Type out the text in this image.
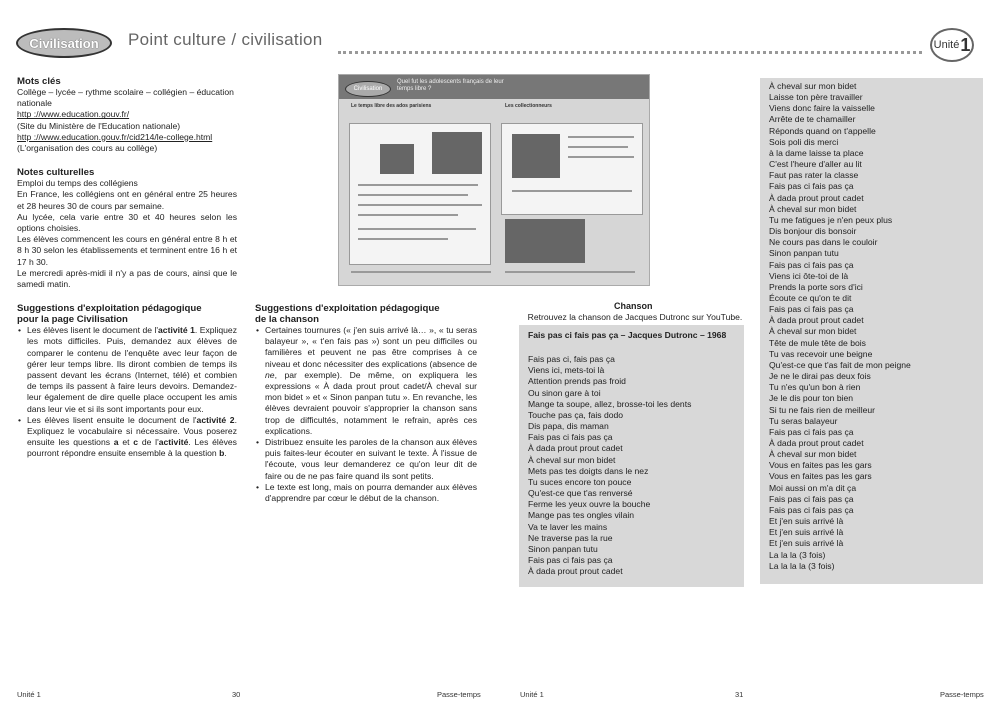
Civilisation Point culture / civilisation	Unité 1

Mots clés

Collège – lycée – rythme scolaire – collégien – éducation nationale

http ://www.education.gouv.fr/

(Site du Ministère de l'Education nationale)

http ://www.education.gouv.fr/cid214/le-college.html

(L'organisation des cours au collège)

Notes culturelles

Emploi du temps des collégiens

En France, les collégiens ont en général entre 25 heures et 28 heures 30 de cours par semaine.

Au lycée, cela varie entre 30 et 40 heures selon les options choisies.

Les élèves commencent les cours en général entre 8 h et 8 h 30 selon les établissements et terminent entre 16 h et 17 h 30.

Le mercredi après-midi il n'y a pas de cours, ainsi que le samedi matin.

Suggestions d'exploitation pédagogique
pour la page Civilisation

• Les élèves lisent le document de l'activité 1. Expliquez les mots difficiles. Puis, demandez aux élèves de comparer le contenu de l'enquête avec leur façon de gérer leur temps libre. Ils diront combien de temps ils passent devant les écrans (Internet, télé) et combien de temps ils passent à faire leurs devoirs. Demandez-leur également de dire quelle place occupent les amis dans leur vie et si ils sont importants pour eux.
• Les élèves lisent ensuite le document de l'activité 2. Expliquez le vocabulaire si nécessaire. Vous poserez ensuite les questions a et c de l'activité. Les élèves pourront répondre ensuite ensemble à la question b.
Civilisation
Quel fut les adolescents français de leur temps libre ?
Le temps libre des ados parisiens	Les collectionneurs

Suggestions d'exploitation pédagogique
de la chanson

• Certaines tournures (« j'en suis arrivé là… », « tu seras balayeur », « t'en fais pas ») sont un peu difficiles ou familières et peuvent ne pas être comprises à ce niveau et donc nécessiter des explications (absence de ne, par exemple). De même, on expliquera les expressions « À dada prout prout cadet/À cheval sur mon bidet » et « Sinon panpan tutu ». En revanche, les élèves devraient pouvoir s'approprier la chanson sans trop de difficultés, notamment le refrain, après ces explications.
• Distribuez ensuite les paroles de la chanson aux élèves puis faites-leur écouter en suivant le texte. À l'issue de l'écoute, vous leur demanderez ce qu'on leur dit de faire ou de ne pas faire quand ils sont petits.
• Le texte est long, mais on pourra demander aux élèves d'apprendre par cœur le début de la chanson.
Chanson
Retrouvez la chanson de Jacques Dutronc sur YouTube.
Fais pas ci fais pas ça – Jacques Dutronc – 1968
Fais pas ci, fais pas ça
Viens ici, mets-toi là
Attention prends pas froid
Ou sinon gare à toi
Mange ta soupe, allez, brosse-toi les dents
Touche pas ça, fais dodo
Dis papa, dis maman
Fais pas ci fais pas ça
À dada prout prout cadet
À cheval sur mon bidet
Mets pas tes doigts dans le nez
Tu suces encore ton pouce
Qu'est-ce que t'as renversé
Ferme les yeux ouvre la bouche
Mange pas tes ongles vilain
Va te laver les mains
Ne traverse pas la rue
Sinon panpan tutu
Fais pas ci fais pas ça
À dada prout prout cadet
À cheval sur mon bidet
Laisse ton père travailler
Viens donc faire la vaisselle
Arrête de te chamailler
Réponds quand on t'appelle
Sois poli dis merci
à la dame laisse ta place
C'est l'heure d'aller au lit
Faut pas rater la classe
Fais pas ci fais pas ça
À dada prout prout cadet
À cheval sur mon bidet
Tu me fatigues je n'en peux plus
Dis bonjour dis bonsoir
Ne cours pas dans le couloir
Sinon panpan tutu
Fais pas ci fais pas ça
Viens ici ôte-toi de là
Prends la porte sors d'ici
Écoute ce qu'on te dit
Fais pas ci fais pas ça
À dada prout prout cadet
À cheval sur mon bidet
Tête de mule tête de bois
Tu vas recevoir une beigne
Qu'est-ce que t'as fait de mon peigne
Je ne le dirai pas deux fois
Tu n'es qu'un bon à rien
Je le dis pour ton bien
Si tu ne fais rien de meilleur
Tu seras balayeur
Fais pas ci fais pas ça
À dada prout prout cadet
À cheval sur mon bidet
Vous en faites pas les gars
Vous en faites pas les gars
Moi aussi on m'a dit ça
Fais pas ci fais pas ça
Fais pas ci fais pas ça
Et j'en suis arrivé là
Et j'en suis arrivé là
Et j'en suis arrivé là
La la la (3 fois)
La la la la (3 fois)
Unité 1	30	Passe-temps	Unité 1	31	Passe-temps
